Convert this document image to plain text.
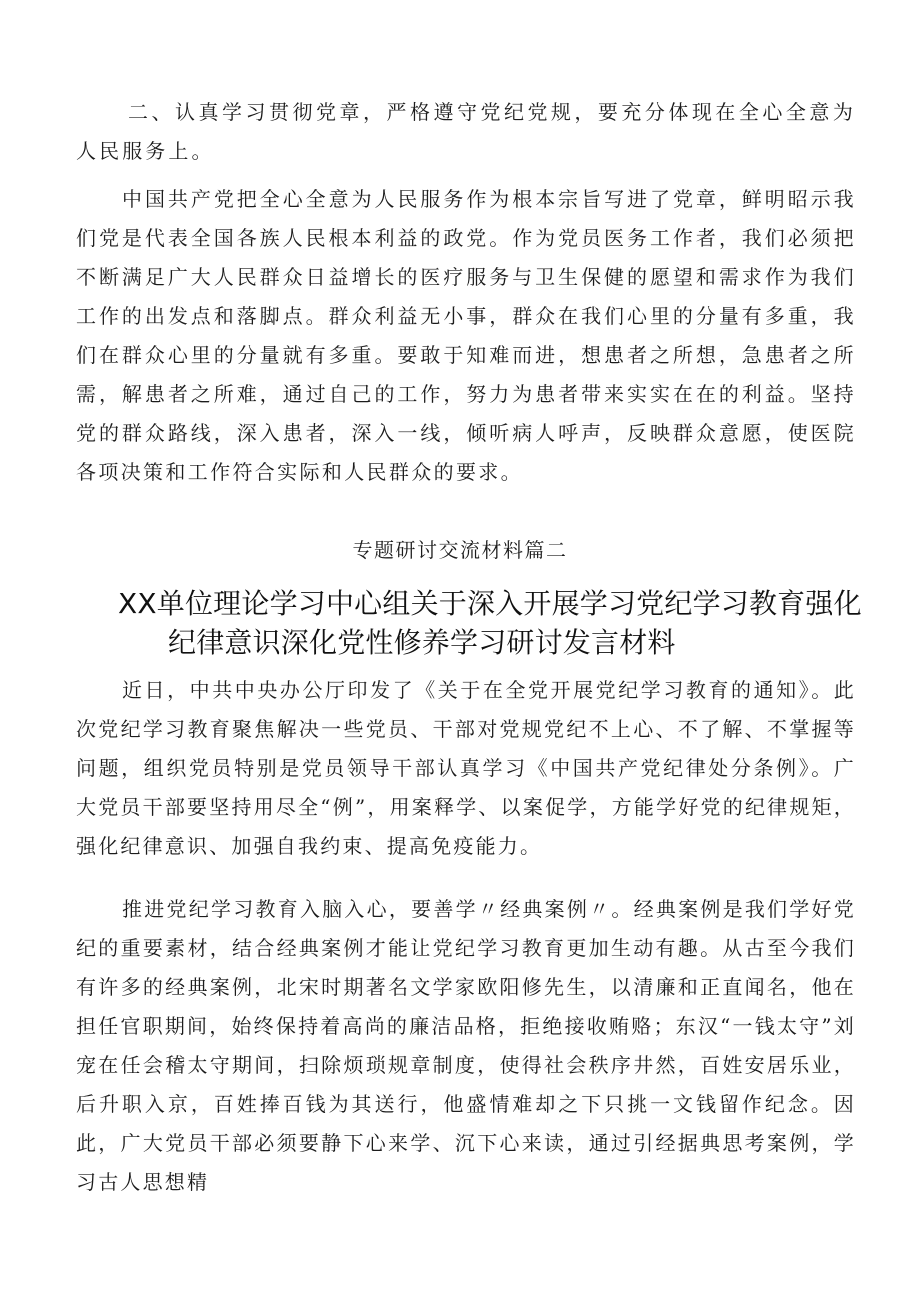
二、认真学习贯彻党章，严格遵守党纪党规，要充分体现在全心全意为人民服务上。

中国共产党把全心全意为人民服务作为根本宗旨写进了党章，鲜明昭示我们党是代表全国各族人民根本利益的政党。作为党员医务工作者，我们必须把不断满足广大人民群众日益增长的医疗服务与卫生保健的愿望和需求作为我们工作的出发点和落脚点。群众利益无小事，群众在我们心里的分量有多重，我们在群众心里的分量就有多重。要敢于知难而进，想患者之所想，急患者之所需，解患者之所难，通过自己的工作，努力为患者带来实实在在的利益。坚持党的群众路线，深入患者，深入一线，倾听病人呼声，反映群众意愿，使医院各项决策和工作符合实际和人民群众的要求。

专题研讨交流材料篇二

XX单位理论学习中心组关于深入开展学习党纪学习教育强化
纪律意识深化党性修养学习研讨发言材料

近日，中共中央办公厅印发了《关于在全党开展党纪学习教育的通知》。此次党纪学习教育聚焦解决一些党员、干部对党规党纪不上心、不了解、不掌握等问题，组织党员特别是党员领导干部认真学习《中国共产党纪律处分条例》。广大党员干部要坚持用尽全“例”，用案释学、以案促学，方能学好党的纪律规矩，强化纪律意识、加强自我约束、提高免疫能力。

推进党纪学习教育入脑入心，要善学〃经典案例〃。经典案例是我们学好党纪的重要素材，结合经典案例才能让党纪学习教育更加生动有趣。从古至今我们有许多的经典案例，北宋时期著名文学家欧阳修先生，以清廉和正直闻名，他在担任官职期间，始终保持着高尚的廉洁品格，拒绝接收贿赂；东汉“一钱太守”刘宠在任会稽太守期间，扫除烦琐规章制度，使得社会秩序井然，百姓安居乐业，后升职入京，百姓捧百钱为其送行，他盛情难却之下只挑一文钱留作纪念。因此，广大党员干部必须要静下心来学、沉下心来读，通过引经据典思考案例，学习古人思想精
